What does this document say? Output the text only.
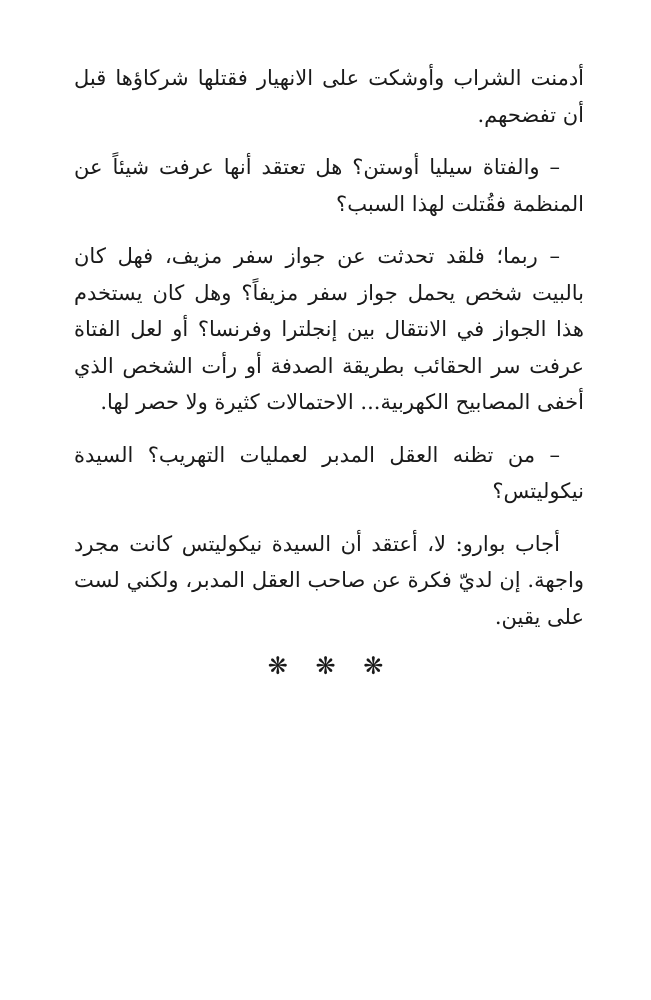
أدمنت الشراب وأوشكت على الانهيار فقتلها شركاؤها قبل أن تفضحهم.

– والفتاة سيليا أوستن؟ هل تعتقد أنها عرفت شيئاً عن المنظمة فقُتلت لهذا السبب؟

– ربما؛ فلقد تحدثت عن جواز سفر مزيف، فهل كان بالبيت شخص يحمل جواز سفر مزيفاً؟ وهل كان يستخدم هذا الجواز في الانتقال بين إنجلترا وفرنسا؟ أو لعل الفتاة عرفت سر الحقائب بطريقة الصدفة أو رأت الشخص الذي أخفى المصابيح الكهربية... الاحتمالات كثيرة ولا حصر لها.

– من تظنه العقل المدبر لعمليات التهريب؟ السيدة نيكوليتس؟

أجاب بوارو: لا، أعتقد أن السيدة نيكوليتس كانت مجرد واجهة. إن لديّ فكرة عن صاحب العقل المدبر، ولكني لست على يقين.

❋ ❋ ❋
